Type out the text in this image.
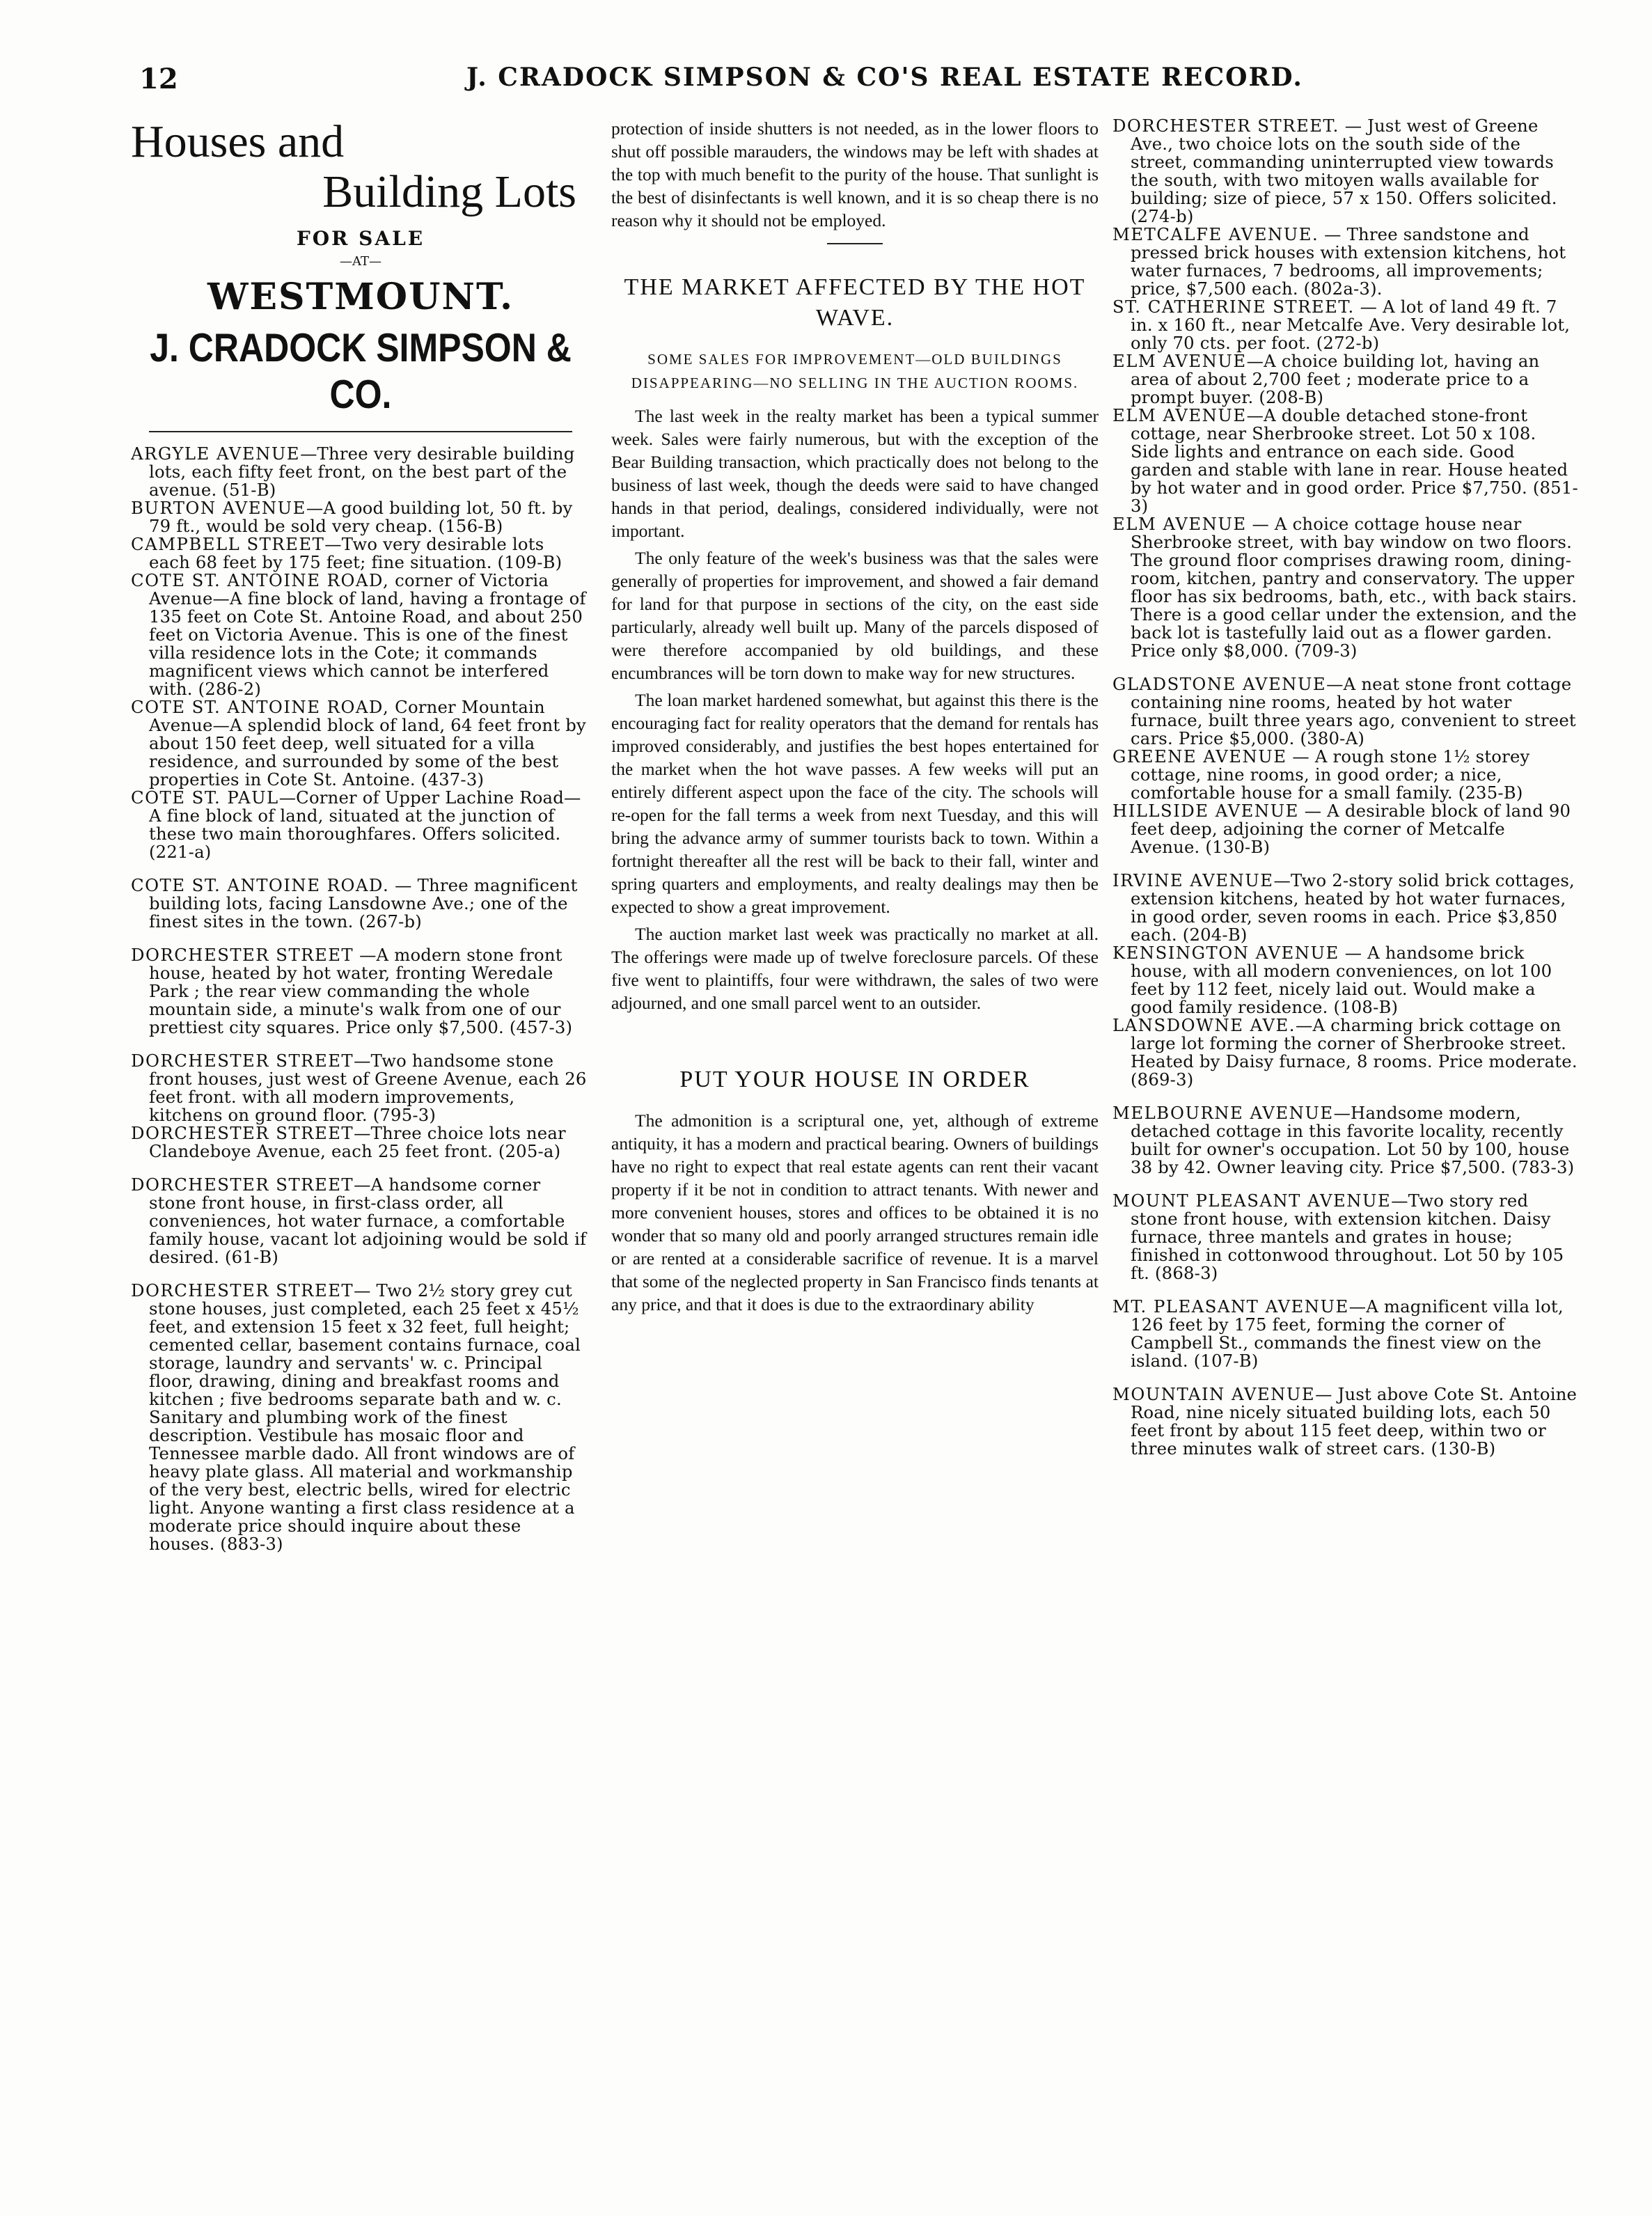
12	J. CRADOCK SIMPSON & CO'S REAL ESTATE RECORD.
Houses and
Building Lots
FOR SALE
—AT—
WESTMOUNT.
J. CRADOCK SIMPSON & CO.

ARGYLE AVENUE—Three very desirable building lots, each fifty feet front, on the best part of the avenue. (51-B)

BURTON AVENUE—A good building lot, 50 ft. by 79 ft., would be sold very cheap. (156-B)

CAMPBELL STREET—Two very desirable lots each 68 feet by 175 feet; fine situation. (109-B)

COTE ST. ANTOINE ROAD, corner of Victoria Avenue—A fine block of land, having a frontage of 135 feet on Cote St. Antoine Road, and about 250 feet on Victoria Avenue. This is one of the finest villa residence lots in the Cote; it commands magnificent views which cannot be interfered with. (286-2)

COTE ST. ANTOINE ROAD, Corner Mountain Avenue—A splendid block of land, 64 feet front by about 150 feet deep, well situated for a villa residence, and surrounded by some of the best properties in Cote St. Antoine. (437-3)

COTE ST. PAUL—Corner of Upper Lachine Road—A fine block of land, situated at the junction of these two main thoroughfares. Offers solicited. (221-a)

COTE ST. ANTOINE ROAD. — Three magnificent building lots, facing Lansdowne Ave.; one of the finest sites in the town. (267-b)

DORCHESTER STREET —A modern stone front house, heated by hot water, fronting Weredale Park ; the rear view commanding the whole mountain side, a minute's walk from one of our prettiest city squares. Price only $7,500. (457-3)

DORCHESTER STREET—Two handsome stone front houses, just west of Greene Avenue, each 26 feet front. with all modern improvements, kitchens on ground floor. (795-3)

DORCHESTER STREET—Three choice lots near Clandeboye Avenue, each 25 feet front. (205-a)

DORCHESTER STREET—A handsome corner stone front house, in first-class order, all conveniences, hot water furnace, a comfortable family house, vacant lot adjoining would be sold if desired. (61-B)

DORCHESTER STREET— Two 2½ story grey cut stone houses, just completed, each 25 feet x 45½ feet, and extension 15 feet x 32 feet, full height; cemented cellar, basement contains furnace, coal storage, laundry and servants' w. c. Principal floor, drawing, dining and breakfast rooms and kitchen ; five bedrooms separate bath and w. c. Sanitary and plumbing work of the finest description. Vestibule has mosaic floor and Tennessee marble dado. All front windows are of heavy plate glass. All material and workmanship of the very best, electric bells, wired for electric light. Anyone wanting a first class residence at a moderate price should inquire about these houses. (883-3)

protection of inside shutters is not needed, as in the lower floors to shut off possible marauders, the windows may be left with shades at the top with much benefit to the purity of the house. That sunlight is the best of disinfectants is well known, and it is so cheap there is no reason why it should not be employed.

THE MARKET AFFECTED BY THE HOT WAVE.
SOME SALES FOR IMPROVEMENT—OLD BUILDINGS DISAPPEARING—NO SELLING IN THE AUCTION ROOMS.

The last week in the realty market has been a typical summer week. Sales were fairly numerous, but with the exception of the Bear Building transaction, which practically does not belong to the business of last week, though the deeds were said to have changed hands in that period, dealings, considered individually, were not important.

The only feature of the week's business was that the sales were generally of properties for improvement, and showed a fair demand for land for that purpose in sections of the city, on the east side particularly, already well built up. Many of the parcels disposed of were therefore accompanied by old buildings, and these encumbrances will be torn down to make way for new structures.

The loan market hardened somewhat, but against this there is the encouraging fact for reality operators that the demand for rentals has improved considerably, and justifies the best hopes entertained for the market when the hot wave passes. A few weeks will put an entirely different aspect upon the face of the city. The schools will re-open for the fall terms a week from next Tuesday, and this will bring the advance army of summer tourists back to town. Within a fortnight thereafter all the rest will be back to their fall, winter and spring quarters and employments, and realty dealings may then be expected to show a great improvement.

The auction market last week was practically no market at all. The offerings were made up of twelve foreclosure parcels. Of these five went to plaintiffs, four were withdrawn, the sales of two were adjourned, and one small parcel went to an outsider.

PUT YOUR HOUSE IN ORDER

The admonition is a scriptural one, yet, although of extreme antiquity, it has a modern and practical bearing. Owners of buildings have no right to expect that real estate agents can rent their vacant property if it be not in condition to attract tenants. With newer and more convenient houses, stores and offices to be obtained it is no wonder that so many old and poorly arranged structures remain idle or are rented at a considerable sacrifice of revenue. It is a marvel that some of the neglected property in San Francisco finds tenants at any price, and that it does is due to the extraordinary ability

DORCHESTER STREET. — Just west of Greene Ave., two choice lots on the south side of the street, commanding uninterrupted view towards the south, with two mitoyen walls available for building; size of piece, 57 x 150. Offers solicited. (274-b)

METCALFE AVENUE. — Three sandstone and pressed brick houses with extension kitchens, hot water furnaces, 7 bedrooms, all improvements; price, $7,500 each. (802a-3).

ST. CATHERINE STREET. — A lot of land 49 ft. 7 in. x 160 ft., near Metcalfe Ave. Very desirable lot, only 70 cts. per foot. (272-b)

ELM AVENUE—A choice building lot, having an area of about 2,700 feet ; moderate price to a prompt buyer. (208-B)

ELM AVENUE—A double detached stone-front cottage, near Sherbrooke street. Lot 50 x 108. Side lights and entrance on each side. Good garden and stable with lane in rear. House heated by hot water and in good order. Price $7,750. (851-3)

ELM AVENUE — A choice cottage house near Sherbrooke street, with bay window on two floors. The ground floor comprises drawing room, dining-room, kitchen, pantry and conservatory. The upper floor has six bedrooms, bath, etc., with back stairs. There is a good cellar under the extension, and the back lot is tastefully laid out as a flower garden. Price only $8,000. (709-3)

GLADSTONE AVENUE—A neat stone front cottage containing nine rooms, heated by hot water furnace, built three years ago, convenient to street cars. Price $5,000. (380-A)

GREENE AVENUE — A rough stone 1½ storey cottage, nine rooms, in good order; a nice, comfortable house for a small family. (235-B)

HILLSIDE AVENUE — A desirable block of land 90 feet deep, adjoining the corner of Metcalfe Avenue. (130-B)

IRVINE AVENUE—Two 2-story solid brick cottages, extension kitchens, heated by hot water furnaces, in good order, seven rooms in each. Price $3,850 each. (204-B)

KENSINGTON AVENUE — A handsome brick house, with all modern conveniences, on lot 100 feet by 112 feet, nicely laid out. Would make a good family residence. (108-B)

LANSDOWNE AVE.—A charming brick cottage on large lot forming the corner of Sherbrooke street. Heated by Daisy furnace, 8 rooms. Price moderate. (869-3)

MELBOURNE AVENUE—Handsome modern, detached cottage in this favorite locality, recently built for owner's occupation. Lot 50 by 100, house 38 by 42. Owner leaving city. Price $7,500. (783-3)

MOUNT PLEASANT AVENUE—Two story red stone front house, with extension kitchen. Daisy furnace, three mantels and grates in house; finished in cottonwood throughout. Lot 50 by 105 ft. (868-3)

MT. PLEASANT AVENUE—A magnificent villa lot, 126 feet by 175 feet, forming the corner of Campbell St., commands the finest view on the island. (107-B)

MOUNTAIN AVENUE— Just above Cote St. Antoine Road, nine nicely situated building lots, each 50 feet front by about 115 feet deep, within two or three minutes walk of street cars. (130-B)
